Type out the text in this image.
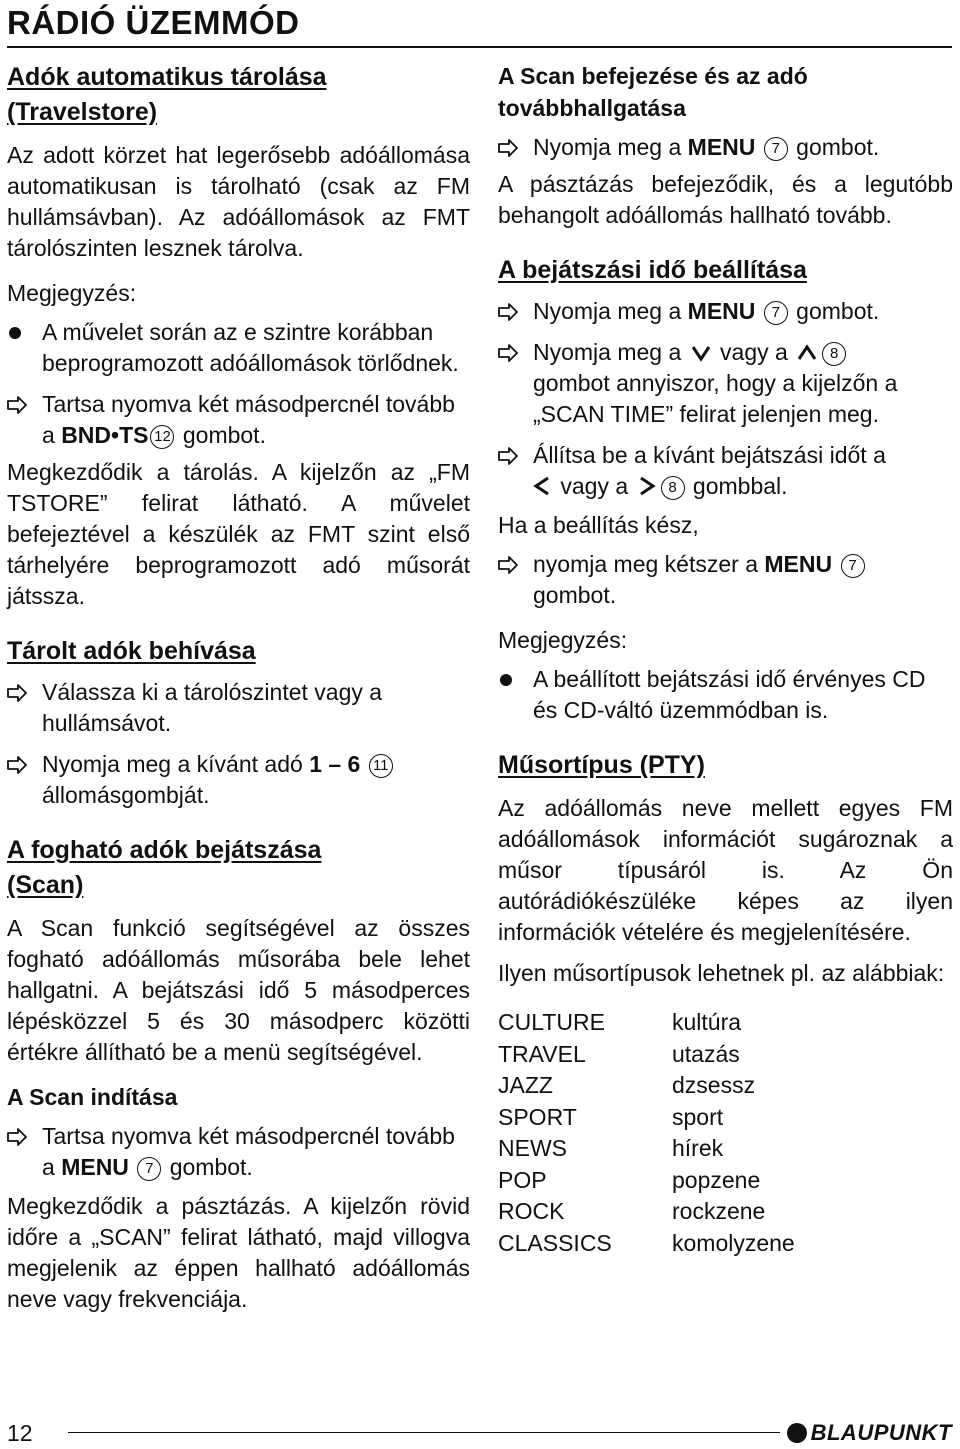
RÁDIÓ ÜZEMMÓD
Adók automatikus tárolása
(Travelstore)

Az adott körzet hat legerősebb adóállomása automatikusan is tárolható (csak az FM hullámsávban). Az adóállomások az FMT tárolószinten lesznek tárolva.

Megjegyzés:

A művelet során az e szintre korábban beprogramozott adóállomások törlődnek.
Tartsa nyomva két másodpercnél tovább a BND•TS 12 gombot.

Megkezdődik a tárolás. A kijelzőn az „FM TSTORE” felirat látható. A művelet befejeztével a készülék az FMT szint első tárhelyére beprogramozott adó műsorát játssza.

Tárolt adók behívása
Válassza ki a tárolószintet vagy a hullámsávot.
Nyomja meg a kívánt adó 1 – 6 11
állomásgombját.
A fogható adók bejátszása
(Scan)

A Scan funkció segítségével az összes fogható adóállomás műsorába bele lehet hallgatni. A bejátszási idő 5 másodperces lépésközzel 5 és 30 másodperc közötti értékre állítható be a menü segítségével.

A Scan indítása

Tartsa nyomva két másodpercnél tovább a MENU 7 gombot.

Megkezdődik a pásztázás. A kijelzőn rövid időre a „SCAN” felirat látható, majd villogva megjelenik az éppen hallható adóállomás neve vagy frekvenciája.

A Scan befejezése és az adó továbbhallgatása

Nyomja meg a MENU 7 gombot.

A pásztázás befejeződik, és a legutóbb behangolt adóállomás hallható tovább.

A bejátszási idő beállítása
Nyomja meg a MENU 7 gombot.
Nyomja meg a  vagy a 8
gombot annyiszor, hogy a kijelzőn a „SCAN TIME” felirat jelenjen meg.
Állítsa be a kívánt bejátszási időt a
vagy a 8 gombbal.

Ha a beállítás kész,

nyomja meg kétszer a MENU 7
gombot.

Megjegyzés:

A beállított bejátszási idő érvényes CD és CD-váltó üzemmódban is.
Műsortípus (PTY)

Az adóállomás neve mellett egyes FM adóállomások információt sugároznak a műsor típusáról is. Az Ön autórádiókészüléke képes az ilyen információk vételére és megjelenítésére.

Ilyen műsortípusok lehetnek pl. az alábbiak:

CULTURE	kultúra
TRAVEL	utazás
JAZZ	dzsessz
SPORT	sport
NEWS	hírek
POP	popzene
ROCK	rockzene
CLASSICS	komolyzene
12	BLAUPUNKT
